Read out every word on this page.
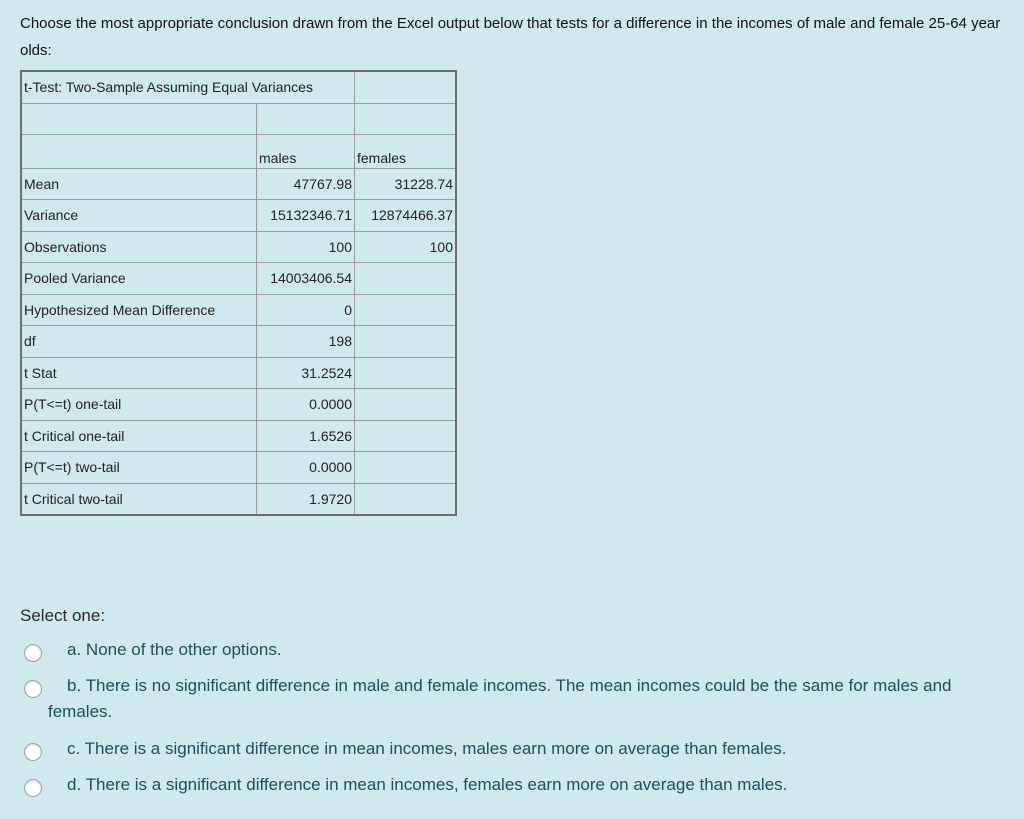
Choose the most appropriate conclusion drawn from the Excel output below that tests for a difference in the incomes of male and female 25-64 year olds:
t-Test: Two-Sample Assuming Equal Variances		

	males	females
Mean	47767.98	31228.74
Variance	15132346.71	12874466.37
Observations	100	100
Pooled Variance	14003406.54	
Hypothesized Mean Difference	0	
df	198	
t Stat	31.2524	
P(T<=t) one-tail	0.0000	
t Critical one-tail	1.6526	
P(T<=t) two-tail	0.0000	
t Critical two-tail	1.9720	
Select one:
a. None of the other options.
b. There is no significant difference in male and female incomes. The mean incomes could be the same for males and females.
c. There is a significant difference in mean incomes, males earn more on average than females.
d. There is a significant difference in mean incomes, females earn more on average than males.
